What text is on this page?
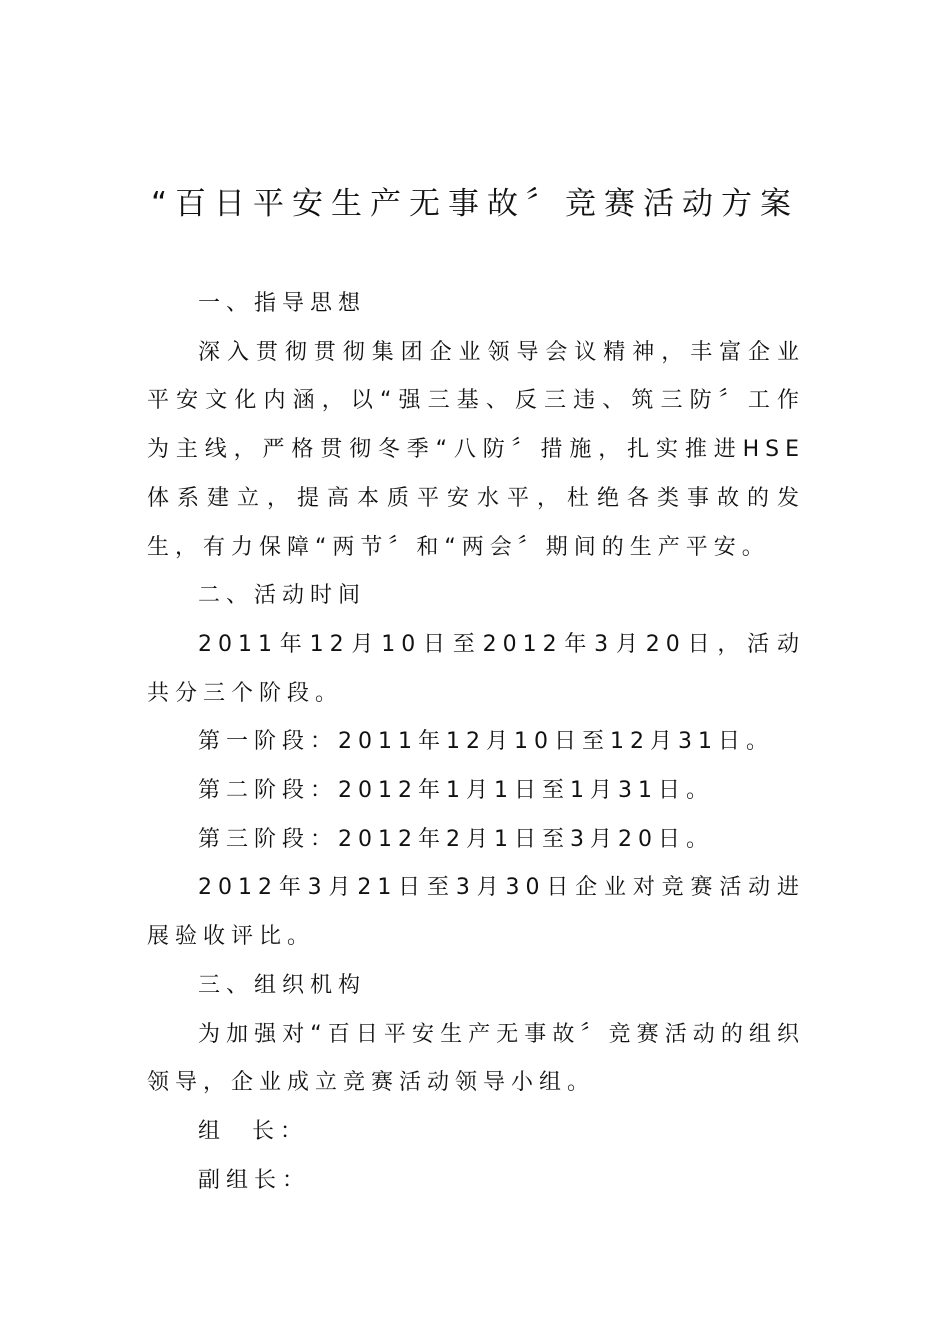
“百日平安生产无事故〞竞赛活动方案

一、指导思想

深入贯彻贯彻集团企业领导会议精神，丰富企业平安文化内涵，以“强三基、反三违、筑三防〞工作为主线，严格贯彻冬季“八防〞措施，扎实推进HSE体系建立，提高本质平安水平，杜绝各类事故的发生，有力保障“两节〞和“两会〞期间的生产平安。

二、活动时间

2011年12月10日至2012年3月20日，活动共分三个阶段。

第一阶段：2011年12月10日至12月31日。

第二阶段：2012年1月1日至1月31日。

第三阶段：2012年2月1日至3月20日。

2012年3月21日至3月30日企业对竞赛活动进展验收评比。

三、组织机构

为加强对“百日平安生产无事故〞竞赛活动的组织领导，企业成立竞赛活动领导小组。

组  长：

副组长：
